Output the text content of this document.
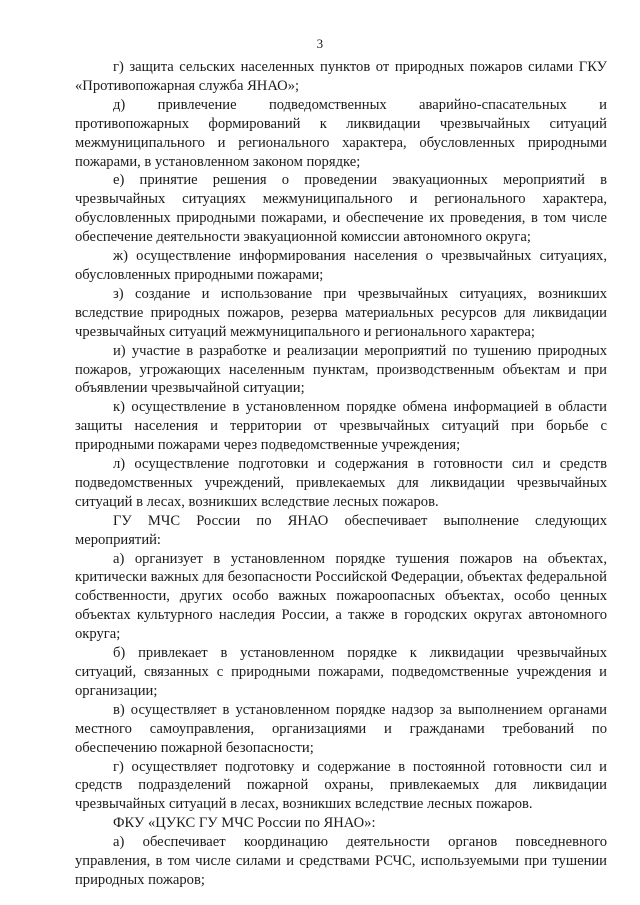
3

г) защита сельских населенных пунктов от природных пожаров силами ГКУ «Противопожарная служба ЯНАО»;

д) привлечение подведомственных аварийно-спасательных и противопожарных формирований к ликвидации чрезвычайных ситуаций межмуниципального и регионального характера, обусловленных природными пожарами, в установленном законом порядке;

е) принятие решения о проведении эвакуационных мероприятий в чрезвычайных ситуациях межмуниципального и регионального характера, обусловленных природными пожарами, и обеспечение их проведения, в том числе обеспечение деятельности эвакуационной комиссии автономного округа;

ж) осуществление информирования населения о чрезвычайных ситуациях, обусловленных природными пожарами;

з) создание и использование при чрезвычайных ситуациях, возникших вследствие природных пожаров, резерва материальных ресурсов для ликвидации чрезвычайных ситуаций межмуниципального и регионального характера;

и) участие в разработке и реализации мероприятий по тушению природных пожаров, угрожающих населенным пунктам, производственным объектам и при объявлении чрезвычайной ситуации;

к) осуществление в установленном порядке обмена информацией в области защиты населения и территории от чрезвычайных ситуаций при борьбе с природными пожарами через подведомственные учреждения;

л) осуществление подготовки и содержания в готовности сил и средств подведомственных учреждений, привлекаемых для ликвидации чрезвычайных ситуаций в лесах, возникших вследствие лесных пожаров.

ГУ МЧС России по ЯНАО обеспечивает выполнение следующих мероприятий:

а) организует в установленном порядке тушения пожаров на объектах, критически важных для безопасности Российской Федерации, объектах федеральной собственности, других особо важных пожароопасных объектах, особо ценных объектах культурного наследия России, а также в городских округах автономного округа;

б) привлекает в установленном порядке к ликвидации чрезвычайных ситуаций, связанных с природными пожарами, подведомственные учреждения и организации;

в) осуществляет в установленном порядке надзор за выполнением органами местного самоуправления, организациями и гражданами требований по обеспечению пожарной безопасности;

г) осуществляет подготовку и содержание в постоянной готовности сил и средств подразделений пожарной охраны, привлекаемых для ликвидации чрезвычайных ситуаций в лесах, возникших вследствие лесных пожаров.

ФКУ «ЦУКС ГУ МЧС России по ЯНАО»:

а) обеспечивает координацию деятельности органов повседневного управления, в том числе силами и средствами РСЧС, используемыми при тушении природных пожаров;
